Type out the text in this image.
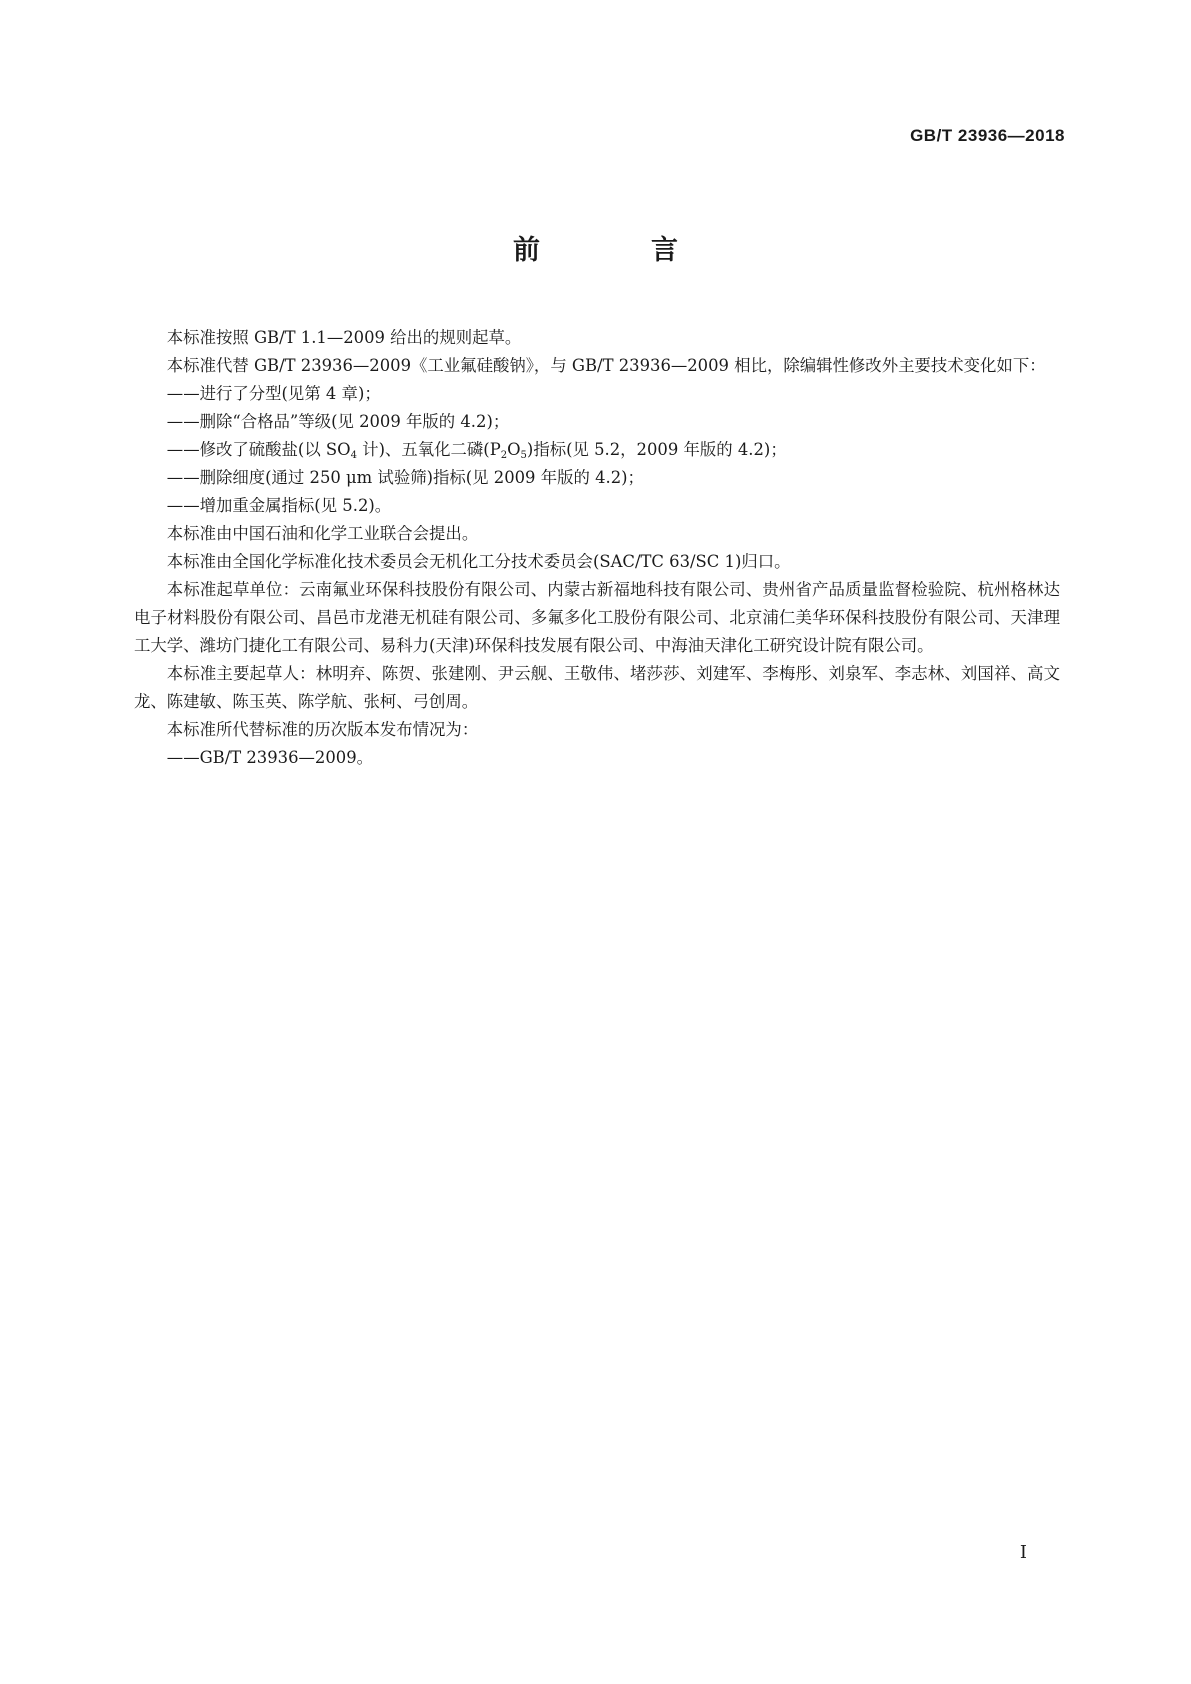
GB/T 23936—2018
前　言

本标准按照 GB/T 1.1—2009 给出的规则起草。

本标准代替 GB/T 23936—2009《工业氟硅酸钠》，与 GB/T 23936—2009 相比，除编辑性修改外主要技术变化如下：

——进行了分型(见第 4 章)；

——删除“合格品”等级(见 2009 年版的 4.2)；

——修改了硫酸盐(以 $SO_4$ 计)、五氧化二磷$(P_2O_5)$指标(见 5.2，2009 年版的 4.2)；

——删除细度(通过 250 μm 试验筛)指标(见 2009 年版的 4.2)；

——增加重金属指标(见 5.2)。

本标准由中国石油和化学工业联合会提出。

本标准由全国化学标准化技术委员会无机化工分技术委员会(SAC/TC 63/SC 1)归口。

本标准起草单位：云南氟业环保科技股份有限公司、内蒙古新福地科技有限公司、贵州省产品质量监督检验院、杭州格林达电子材料股份有限公司、昌邑市龙港无机硅有限公司、多氟多化工股份有限公司、北京浦仁美华环保科技股份有限公司、天津理工大学、潍坊门捷化工有限公司、易科力(天津)环保科技发展有限公司、中海油天津化工研究设计院有限公司。

本标准主要起草人：林明弃、陈贺、张建刚、尹云舰、王敬伟、堵莎莎、刘建军、李梅彤、刘泉军、李志林、刘国祥、高文龙、陈建敏、陈玉英、陈学航、张柯、弓创周。

本标准所代替标准的历次版本发布情况为：

——GB/T 23936—2009。

I
